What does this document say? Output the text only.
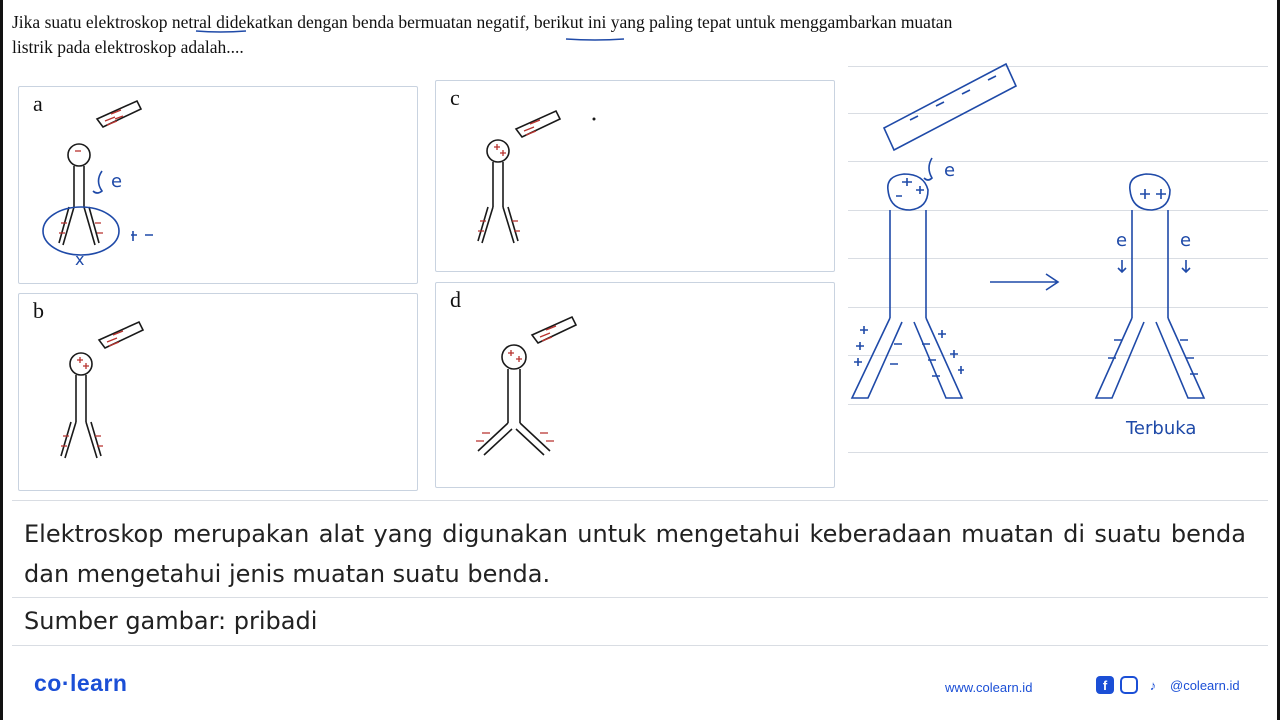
Jika suatu elektroskop netral didekatkan dengan benda bermuatan negatif, berikut ini yang paling tepat untuk menggambarkan muatan listrik pada elektroskop adalah....
a
e
x
c
b	d
e
e	e
Terbuka
Elektroskop merupakan alat yang digunakan untuk mengetahui keberadaan muatan di suatu benda dan mengetahui jenis muatan suatu benda.
Sumber gambar: pribadi
co·learn	www.colearn.id	f	♪	@colearn.id
